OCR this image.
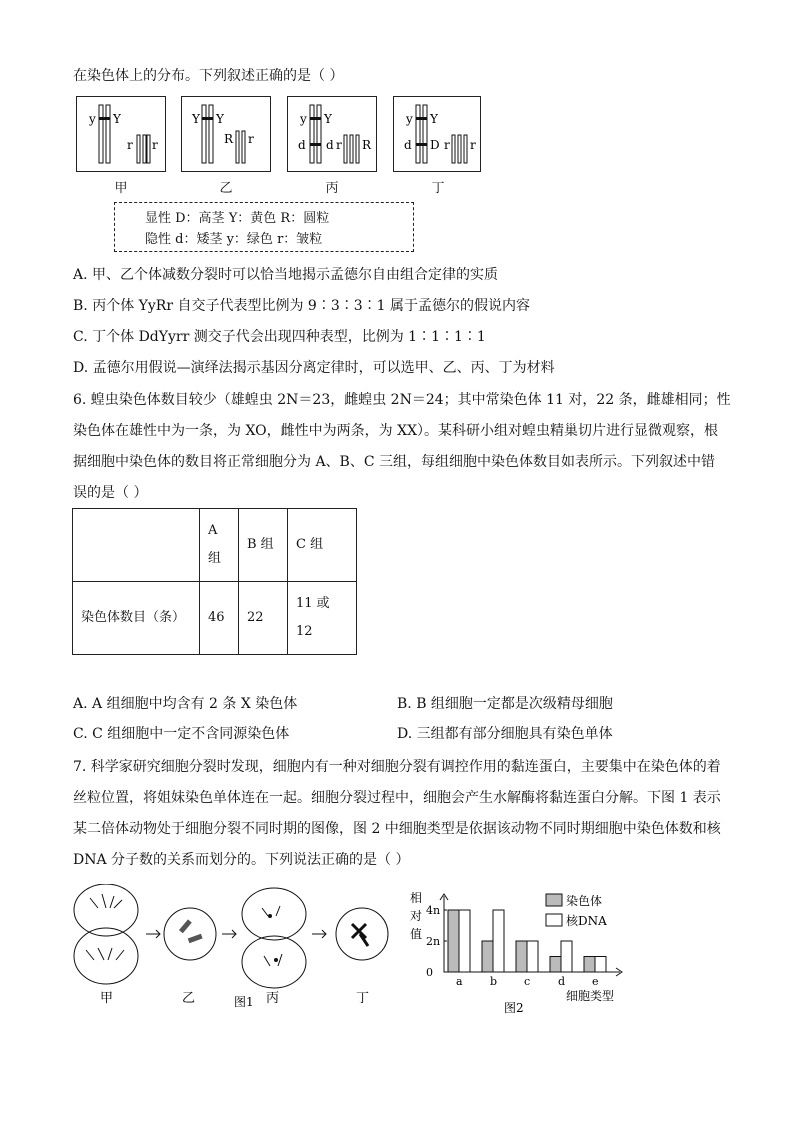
在染色体上的分布。下列叙述正确的是（ ）
y Y
r r
Y Y
R r
y Y
d d r R
y Y
d D r r
甲	乙	丙	丁
显性 D：高茎 Y：黄色 R：圆粒
隐性 d：矮茎 y：绿色 r：皱粒
A. 甲、乙个体减数分裂时可以恰当地揭示孟德尔自由组合定律的实质
B. 丙个体 YyRr 自交子代表型比例为 9∶3∶3∶1 属于孟德尔的假说内容
C. 丁个体 DdYyrr 测交子代会出现四种表型，比例为 1∶1∶1∶1
D. 孟德尔用假说—演绎法揭示基因分离定律时，可以选甲、乙、丙、丁为材料
6. 蝗虫染色体数目较少（雄蝗虫 2N＝23，雌蝗虫 2N＝24；其中常染色体 11 对，22 条，雌雄相同；性
染色体在雄性中为一条，为 XO，雌性中为两条，为 XX）。某科研小组对蝗虫精巢切片进行显微观察，根
据细胞中染色体的数目将正常细胞分为 A、B、C 三组，每组细胞中染色体数目如表所示。下列叙述中错
误的是（ ）
	A
组	B 组	C 组
染色体数目（条）	46	22	11 或
12
A. A 组细胞中均含有 2 条 X 染色体	B. B 组细胞一定都是次级精母细胞
C. C 组细胞中一定不含同源染色体	D. 三组都有部分细胞具有染色单体
7. 科学家研究细胞分裂时发现，细胞内有一种对细胞分裂有调控作用的黏连蛋白，主要集中在染色体的着
丝粒位置，将姐妹染色单体连在一起。细胞分裂过程中，细胞会产生水解酶将黏连蛋白分解。下图 1 表示
某二倍体动物处于细胞分裂不同时期的图像，图 2 中细胞类型是依据该动物不同时期细胞中染色体数和核
DNA 分子数的关系而划分的。下列说法正确的是（ ）
甲	乙	丙	丁
图1
相
对
值
4n
2n
0
a b c	d e
染色体
核DNA
细胞类型
图2
